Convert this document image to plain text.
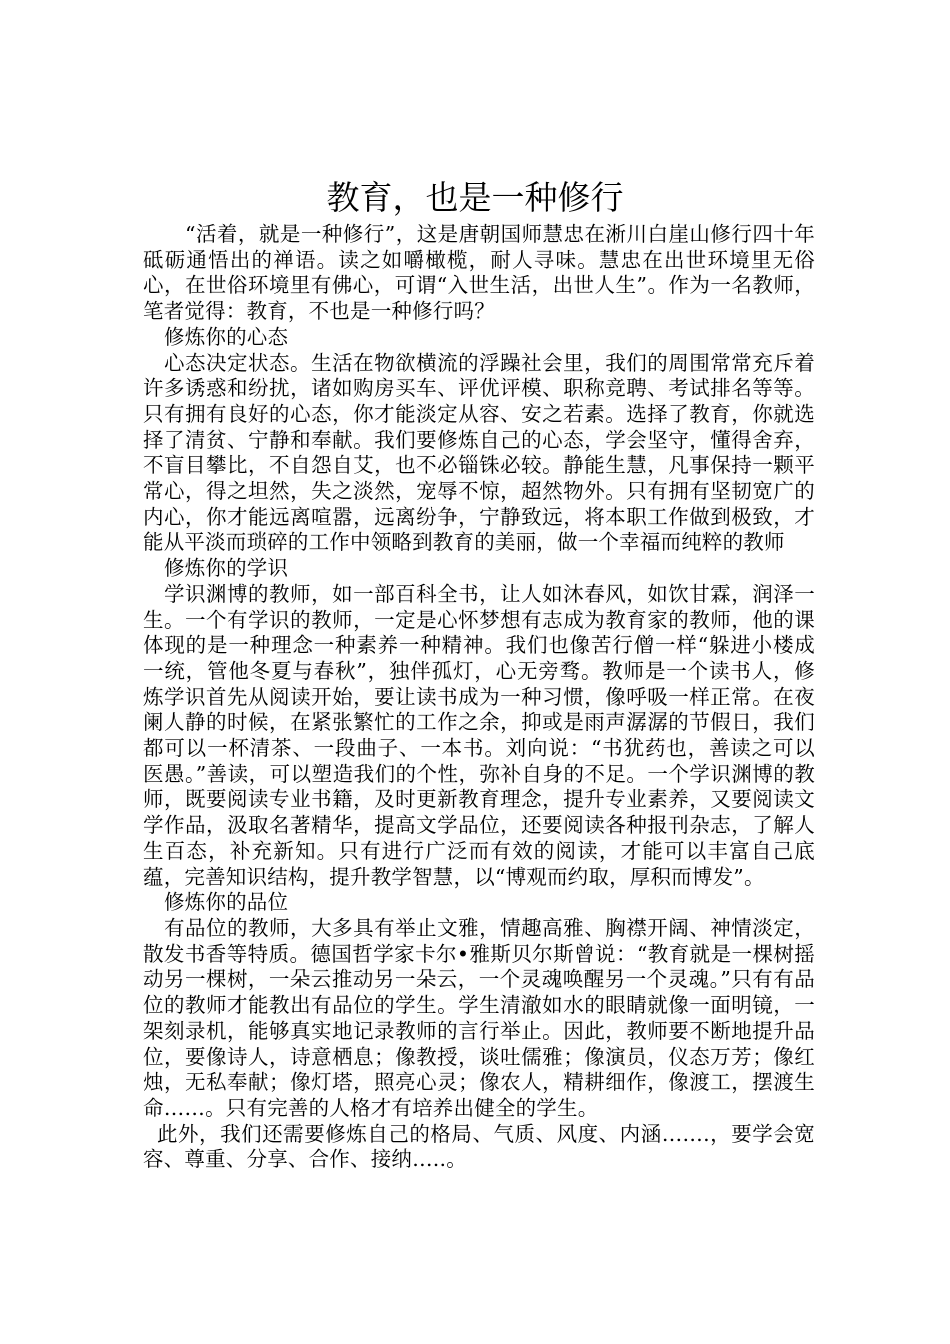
教育，也是一种修行

“活着，就是一种修行”，这是唐朝国师慧忠在淅川白崖山修行四十年砥砺通悟出的禅语。读之如嚼橄榄，耐人寻味。慧忠在出世环境里无俗心，在世俗环境里有佛心，可谓“入世生活，出世人生”。作为一名教师，笔者觉得：教育，不也是一种修行吗？

修炼你的心态

心态决定状态。生活在物欲横流的浮躁社会里，我们的周围常常充斥着许多诱惑和纷扰，诸如购房买车、评优评模、职称竞聘、考试排名等等。只有拥有良好的心态，你才能淡定从容、安之若素。选择了教育，你就选择了清贫、宁静和奉献。我们要修炼自己的心态，学会坚守，懂得舍弃，不盲目攀比，不自怨自艾，也不必锱铢必较。静能生慧，凡事保持一颗平常心，得之坦然，失之淡然，宠辱不惊，超然物外。只有拥有坚韧宽广的内心，你才能远离喧嚣，远离纷争，宁静致远，将本职工作做到极致，才能从平淡而琐碎的工作中领略到教育的美丽，做一个幸福而纯粹的教师

修炼你的学识

学识渊博的教师，如一部百科全书，让人如沐春风，如饮甘霖，润泽一生。一个有学识的教师，一定是心怀梦想有志成为教育家的教师，他的课体现的是一种理念一种素养一种精神。我们也像苦行僧一样“躲进小楼成一统，管他冬夏与春秋”，独伴孤灯，心无旁骛。教师是一个读书人，修炼学识首先从阅读开始，要让读书成为一种习惯，像呼吸一样正常。在夜阑人静的时候，在紧张繁忙的工作之余，抑或是雨声潺潺的节假日，我们都可以一杯清茶、一段曲子、一本书。刘向说：“书犹药也，善读之可以医愚。”善读，可以塑造我们的个性，弥补自身的不足。一个学识渊博的教师，既要阅读专业书籍，及时更新教育理念，提升专业素养，又要阅读文学作品，汲取名著精华，提高文学品位，还要阅读各种报刊杂志，了解人生百态，补充新知。只有进行广泛而有效的阅读，才能可以丰富自己底蕴，完善知识结构，提升教学智慧，以“博观而约取，厚积而博发”。

修炼你的品位

有品位的教师，大多具有举止文雅，情趣高雅、胸襟开阔、神情淡定，散发书香等特质。德国哲学家卡尔•雅斯贝尔斯曾说：“教育就是一棵树摇动另一棵树，一朵云推动另一朵云，一个灵魂唤醒另一个灵魂。”只有有品位的教师才能教出有品位的学生。学生清澈如水的眼睛就像一面明镜，一架刻录机，能够真实地记录教师的言行举止。因此，教师要不断地提升品位，要像诗人，诗意栖息；像教授，谈吐儒雅；像演员，仪态万芳；像红烛，无私奉献；像灯塔，照亮心灵；像农人，精耕细作，像渡工，摆渡生命……。只有完善的人格才有培养出健全的学生。

此外，我们还需要修炼自己的格局、气质、风度、内涵…….，要学会宽容、尊重、分享、合作、接纳…..。
